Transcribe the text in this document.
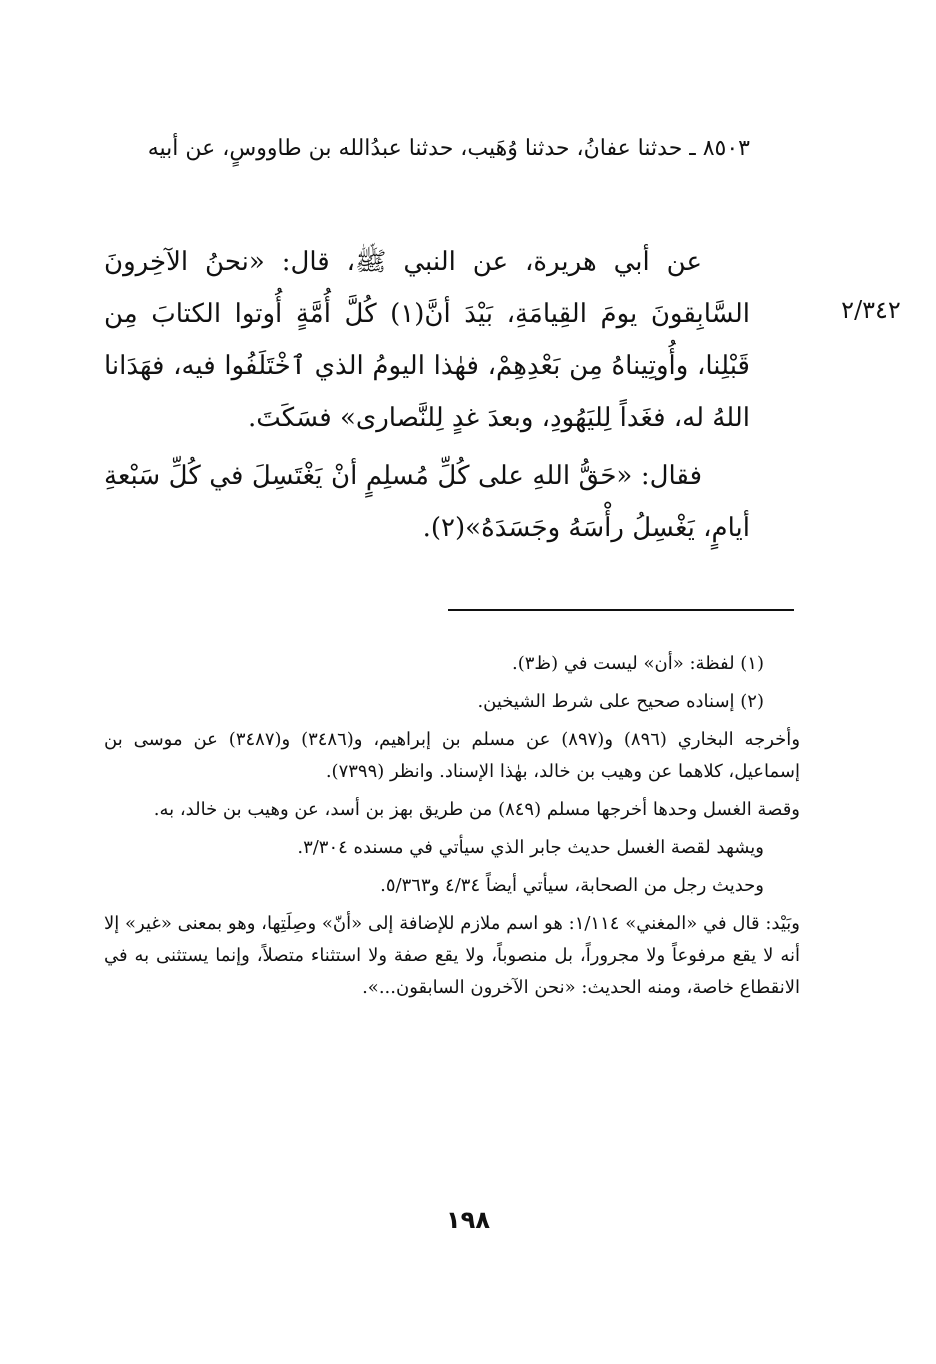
٨٥٠٣ ـ حدثنا عفانُ، حدثنا وُهَيب، حدثنا عبدُالله بن طاووسٍ، عن أبيه

عن أبي هريرة، عن النبي ﷺ، قال: «نحنُ الآخِرونَ السَّابِقونَ يومَ القِيامَةِ، بَيْدَ أنَّ(١) كُلَّ أُمَّةٍ أُوتوا الكتابَ مِن قَبْلِنا، وأُوتِيناهُ مِن بَعْدِهِمْ، فهٰذا اليومُ الذي ٱخْتَلَفُوا فيه، فهَدَانا اللهُ له، فغَداً لِليَهُودِ، وبعدَ غدٍ لِلنَّصارى» فسَكَتَ.

فقال: «حَقُّ اللهِ على كُلِّ مُسلِمٍ أنْ يَغْتَسِلَ في كُلِّ سَبْعةِ أيامٍ، يَغْسِلُ رأْسَهُ وجَسَدَهُ»(٢).

٢/٣٤٢

(١) لفظة: «أن» ليست في (ظ٣).

(٢) إسناده صحيح على شرط الشيخين.

وأخرجه البخاري (٨٩٦) و(٨٩٧) عن مسلم بن إبراهيم، و(٣٤٨٦) و(٣٤٨٧) عن موسى بن إسماعيل، كلاهما عن وهيب بن خالد، بهٰذا الإسناد. وانظر (٧٣٩٩).

وقصة الغسل وحدها أخرجها مسلم (٨٤٩) من طريق بهز بن أسد، عن وهيب بن خالد، به.

ويشهد لقصة الغسل حديث جابر الذي سيأتي في مسنده ٣/٣٠٤.

وحديث رجل من الصحابة، سيأتي أيضاً ٤/٣٤ و٥/٣٦٣.

وبَيْد: قال في «المغني» ١/١١٤: هو اسم ملازم للإضافة إلى «أنّ» وصِلَتِها، وهو بمعنى «غير» إلا أنه لا يقع مرفوعاً ولا مجروراً، بل منصوباً، ولا يقع صفة ولا استثناء متصلاً، وإنما يستثنى به في الانقطاع خاصة، ومنه الحديث: «نحن الآخرون السابقون...».

١٩٨
